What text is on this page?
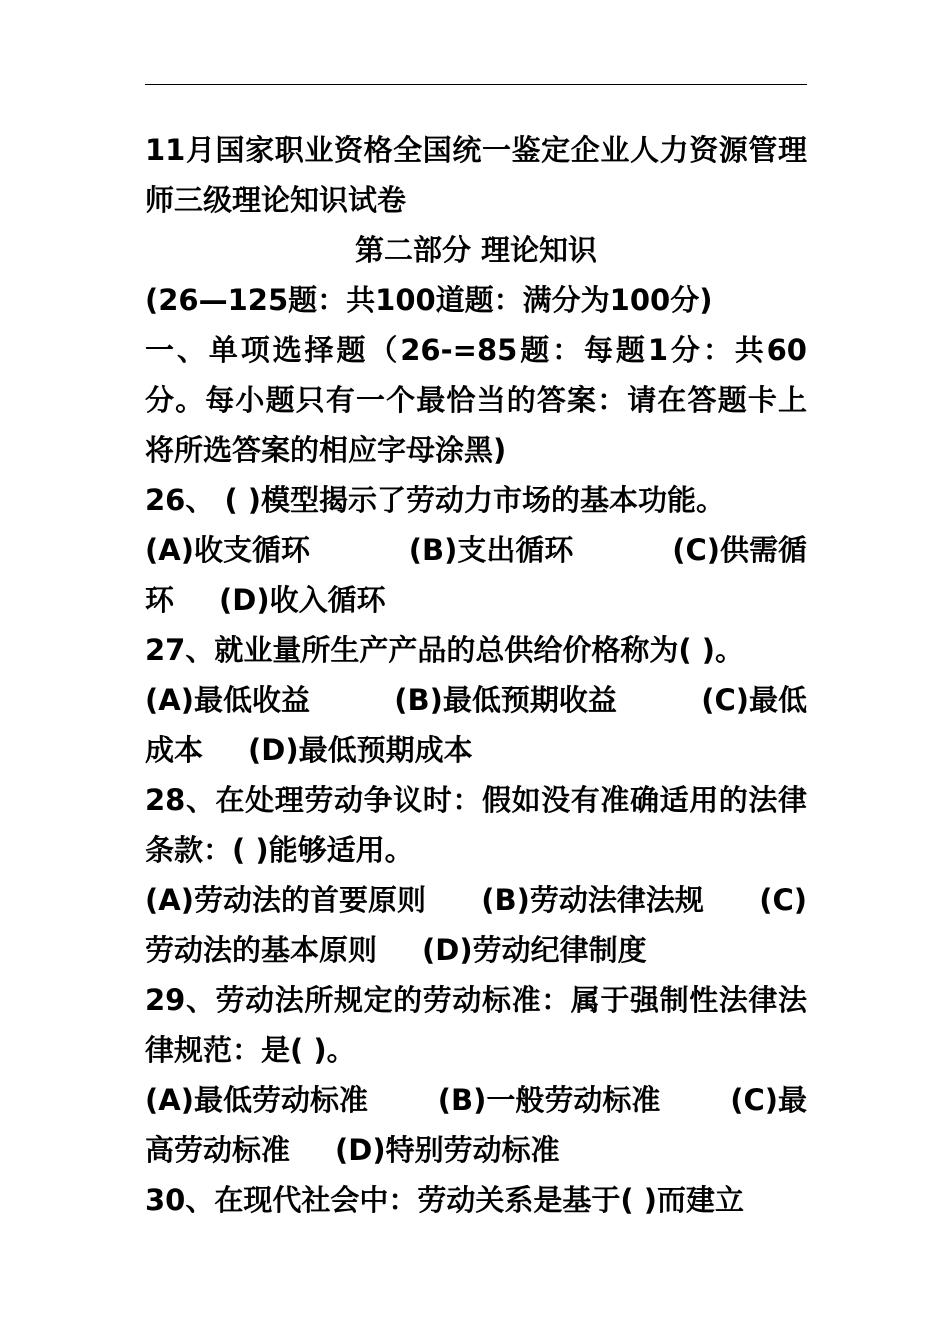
11月国家职业资格全国统一鉴定企业人力资源管理师三级理论知识试卷

第二部分 理论知识

(26—125题：共100道题：满分为100分)

一、单项选择题（26-=85题：每题1分：共60分。每小题只有一个最恰当的答案：请在答题卡上将所选答案的相应字母涂黑)

26、 ( )模型揭示了劳动力市场的基本功能。

(A)收支循环	(B)支出循环	(C)供需循
环 (D)收入循环

27、就业量所生产产品的总供给价格称为( )。

(A)最低收益	(B)最低预期收益	(C)最低
成本 (D)最低预期成本

28、在处理劳动争议时：假如没有准确适用的法律条款：( )能够适用。

(A)劳动法的首要原则 (B)劳动法律法规 (C)
劳动法的基本原则 (D)劳动纪律制度

29、劳动法所规定的劳动标准：属于强制性法律法律规范：是( )。

(A)最低劳动标准 (B)一般劳动标准 (C)最
高劳动标准 (D)特别劳动标准

30、在现代社会中：劳动关系是基于( )而建立
